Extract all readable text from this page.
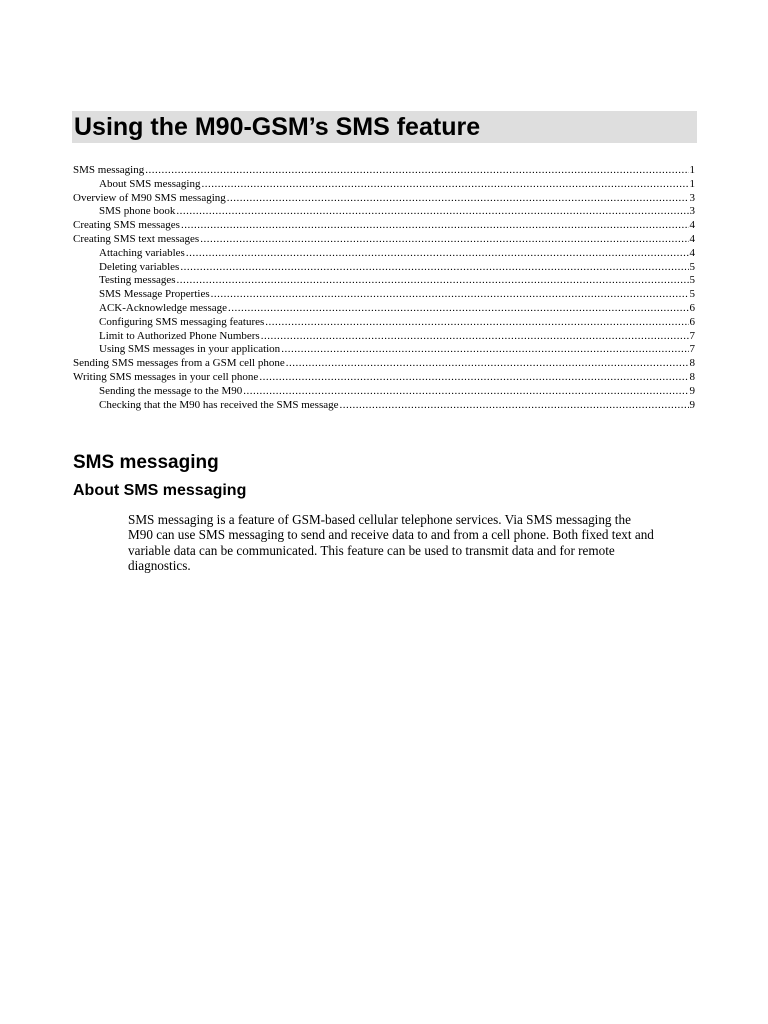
Using the M90-GSM’s SMS feature
SMS messaging .....	1
About SMS messaging .....	1
Overview of M90 SMS messaging .....	3
SMS phone book .....	3
Creating SMS messages .....	4
Creating SMS text messages .....	4
Attaching variables .....	4
Deleting variables .....	5
Testing messages .....	5
SMS Message Properties .....	5
ACK-Acknowledge message .....	6
Configuring SMS messaging features .....	6
Limit to Authorized Phone Numbers .....	7
Using SMS messages in your application .....	7
Sending SMS messages from a GSM cell phone .....	8
Writing SMS messages in your cell phone .....	8
Sending the message to the M90 .....	9
Checking that the M90 has received the SMS message .....	9
SMS messaging
About SMS messaging

SMS messaging is a feature of GSM-based cellular telephone services. Via SMS messaging the
M90 can use SMS messaging to send and receive data to and from a cell phone. Both fixed text and
variable data can be communicated. This feature can be used to transmit data and for remote
diagnostics.
